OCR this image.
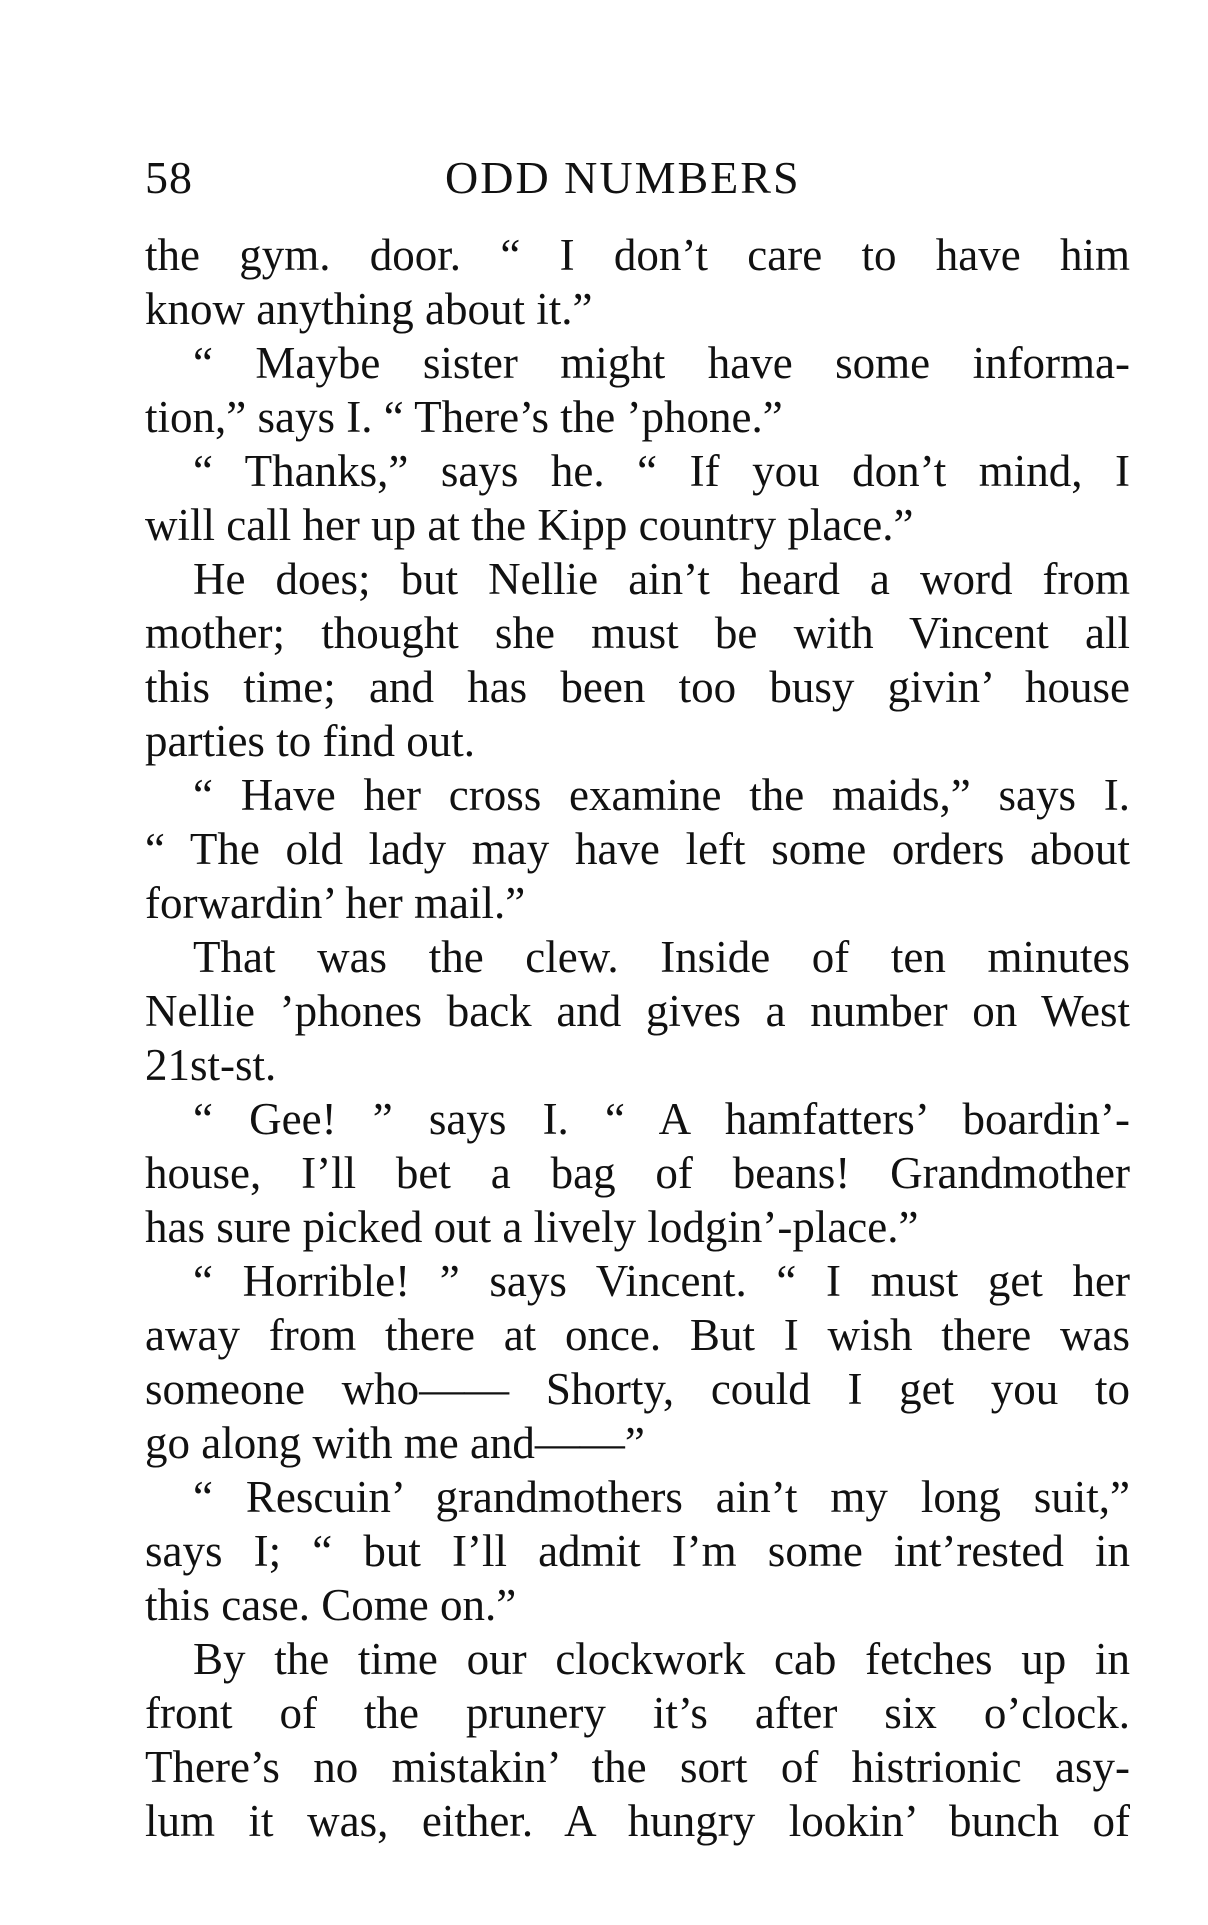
58	ODD NUMBERS
the gym. door. “ I don’t care to have him
know anything about it.”
“ Maybe sister might have some informa-
tion,” says I. “ There’s the ’phone.”
“ Thanks,” says he. “ If you don’t mind, I
will call her up at the Kipp country place.”
He does; but Nellie ain’t heard a word from
mother; thought she must be with Vincent all
this time; and has been too busy givin’ house
parties to find out.
“ Have her cross examine the maids,” says I.
“ The old lady may have left some orders about
forwardin’ her mail.”
That was the clew. Inside of ten minutes
Nellie ’phones back and gives a number on West
21st-st.
“ Gee! ” says I. “ A hamfatters’ boardin’-
house, I’ll bet a bag of beans! Grandmother
has sure picked out a lively lodgin’-place.”
“ Horrible! ” says Vincent. “ I must get her
away from there at once. But I wish there was
someone who—— Shorty, could I get you to
go along with me and——”
“ Rescuin’ grandmothers ain’t my long suit,”
says I; “ but I’ll admit I’m some int’rested in
this case. Come on.”
By the time our clockwork cab fetches up in
front of the prunery it’s after six o’clock.
There’s no mistakin’ the sort of histrionic asy-
lum it was, either. A hungry lookin’ bunch of
